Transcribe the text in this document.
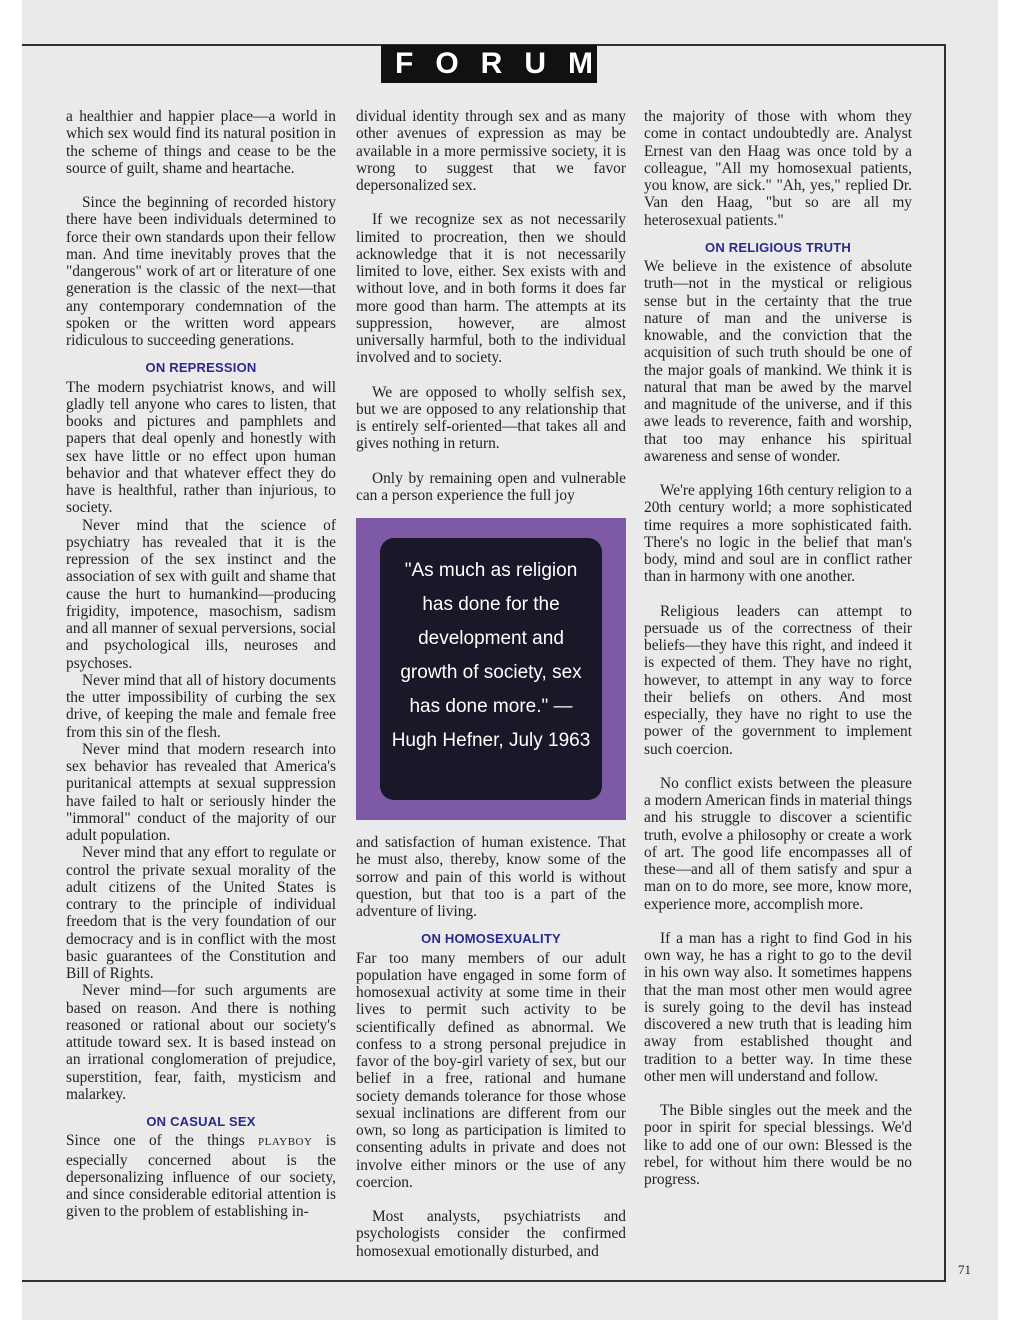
FORUM

a healthier and happier place—a world in which sex would find its natural position in the scheme of things and cease to be the source of guilt, shame and heartache.

Since the beginning of recorded history there have been individuals determined to force their own standards upon their fellow man. And time inevitably proves that the "dangerous" work of art or literature of one generation is the classic of the next—that any contemporary condemnation of the spoken or the written word appears ridiculous to succeeding generations.

ON REPRESSION

The modern psychiatrist knows, and will gladly tell anyone who cares to listen, that books and pictures and pamphlets and papers that deal openly and honestly with sex have little or no effect upon human behavior and that whatever effect they do have is healthful, rather than injurious, to society.

Never mind that the science of psychiatry has revealed that it is the repression of the sex instinct and the association of sex with guilt and shame that cause the hurt to humankind—producing frigidity, impotence, masochism, sadism and all manner of sexual perversions, social and psychological ills, neuroses and psychoses.

Never mind that all of history documents the utter impossibility of curbing the sex drive, of keeping the male and female free from this sin of the flesh.

Never mind that modern research into sex behavior has revealed that America's puritanical attempts at sexual suppression have failed to halt or seriously hinder the "immoral" conduct of the majority of our adult population.

Never mind that any effort to regulate or control the private sexual morality of the adult citizens of the United States is contrary to the principle of individual freedom that is the very foundation of our democracy and is in conflict with the most basic guarantees of the Constitution and Bill of Rights.

Never mind—for such arguments are based on reason. And there is nothing reasoned or rational about our society's attitude toward sex. It is based instead on an irrational conglomeration of prejudice, superstition, fear, faith, mysticism and malarkey.

ON CASUAL SEX

Since one of the things PLAYBOY is especially concerned about is the depersonalizing influence of our society, and since considerable editorial attention is given to the problem of establishing in-

dividual identity through sex and as many other avenues of expression as may be available in a more permissive society, it is wrong to suggest that we favor depersonalized sex.

If we recognize sex as not necessarily limited to procreation, then we should acknowledge that it is not necessarily limited to love, either. Sex exists with and without love, and in both forms it does far more good than harm. The attempts at its suppression, however, are almost universally harmful, both to the individual involved and to society.

We are opposed to wholly selfish sex, but we are opposed to any relationship that is entirely self-oriented—that takes all and gives nothing in return.

Only by remaining open and vulnerable can a person experience the full joy

"As much as religion has done for the development and growth of society, sex has done more." —Hugh Hefner, July 1963

and satisfaction of human existence. That he must also, thereby, know some of the sorrow and pain of this world is without question, but that too is a part of the adventure of living.

ON HOMOSEXUALITY

Far too many members of our adult population have engaged in some form of homosexual activity at some time in their lives to permit such activity to be scientifically defined as abnormal. We confess to a strong personal prejudice in favor of the boy-girl variety of sex, but our belief in a free, rational and humane society demands tolerance for those whose sexual inclinations are different from our own, so long as participation is limited to consenting adults in private and does not involve either minors or the use of any coercion.

Most analysts, psychiatrists and psychologists consider the confirmed homosexual emotionally disturbed, and

the majority of those with whom they come in contact undoubtedly are. Analyst Ernest van den Haag was once told by a colleague, "All my homosexual patients, you know, are sick." "Ah, yes," replied Dr. Van den Haag, "but so are all my heterosexual patients."

ON RELIGIOUS TRUTH

We believe in the existence of absolute truth—not in the mystical or religious sense but in the certainty that the true nature of man and the universe is knowable, and the conviction that the acquisition of such truth should be one of the major goals of mankind. We think it is natural that man be awed by the marvel and magnitude of the universe, and if this awe leads to reverence, faith and worship, that too may enhance his spiritual awareness and sense of wonder.

We're applying 16th century religion to a 20th century world; a more sophisticated time requires a more sophisticated faith. There's no logic in the belief that man's body, mind and soul are in conflict rather than in harmony with one another.

Religious leaders can attempt to persuade us of the correctness of their beliefs—they have this right, and indeed it is expected of them. They have no right, however, to attempt in any way to force their beliefs on others. And most especially, they have no right to use the power of the government to implement such coercion.

No conflict exists between the pleasure a modern American finds in material things and his struggle to discover a scientific truth, evolve a philosophy or create a work of art. The good life encompasses all of these—and all of them satisfy and spur a man on to do more, see more, know more, experience more, accomplish more.

If a man has a right to find God in his own way, he has a right to go to the devil in his own way also. It sometimes happens that the man most other men would agree is surely going to the devil has instead discovered a new truth that is leading him away from established thought and tradition to a better way. In time these other men will understand and follow.

The Bible singles out the meek and the poor in spirit for special blessings. We'd like to add one of our own: Blessed is the rebel, for without him there would be no progress.

71
